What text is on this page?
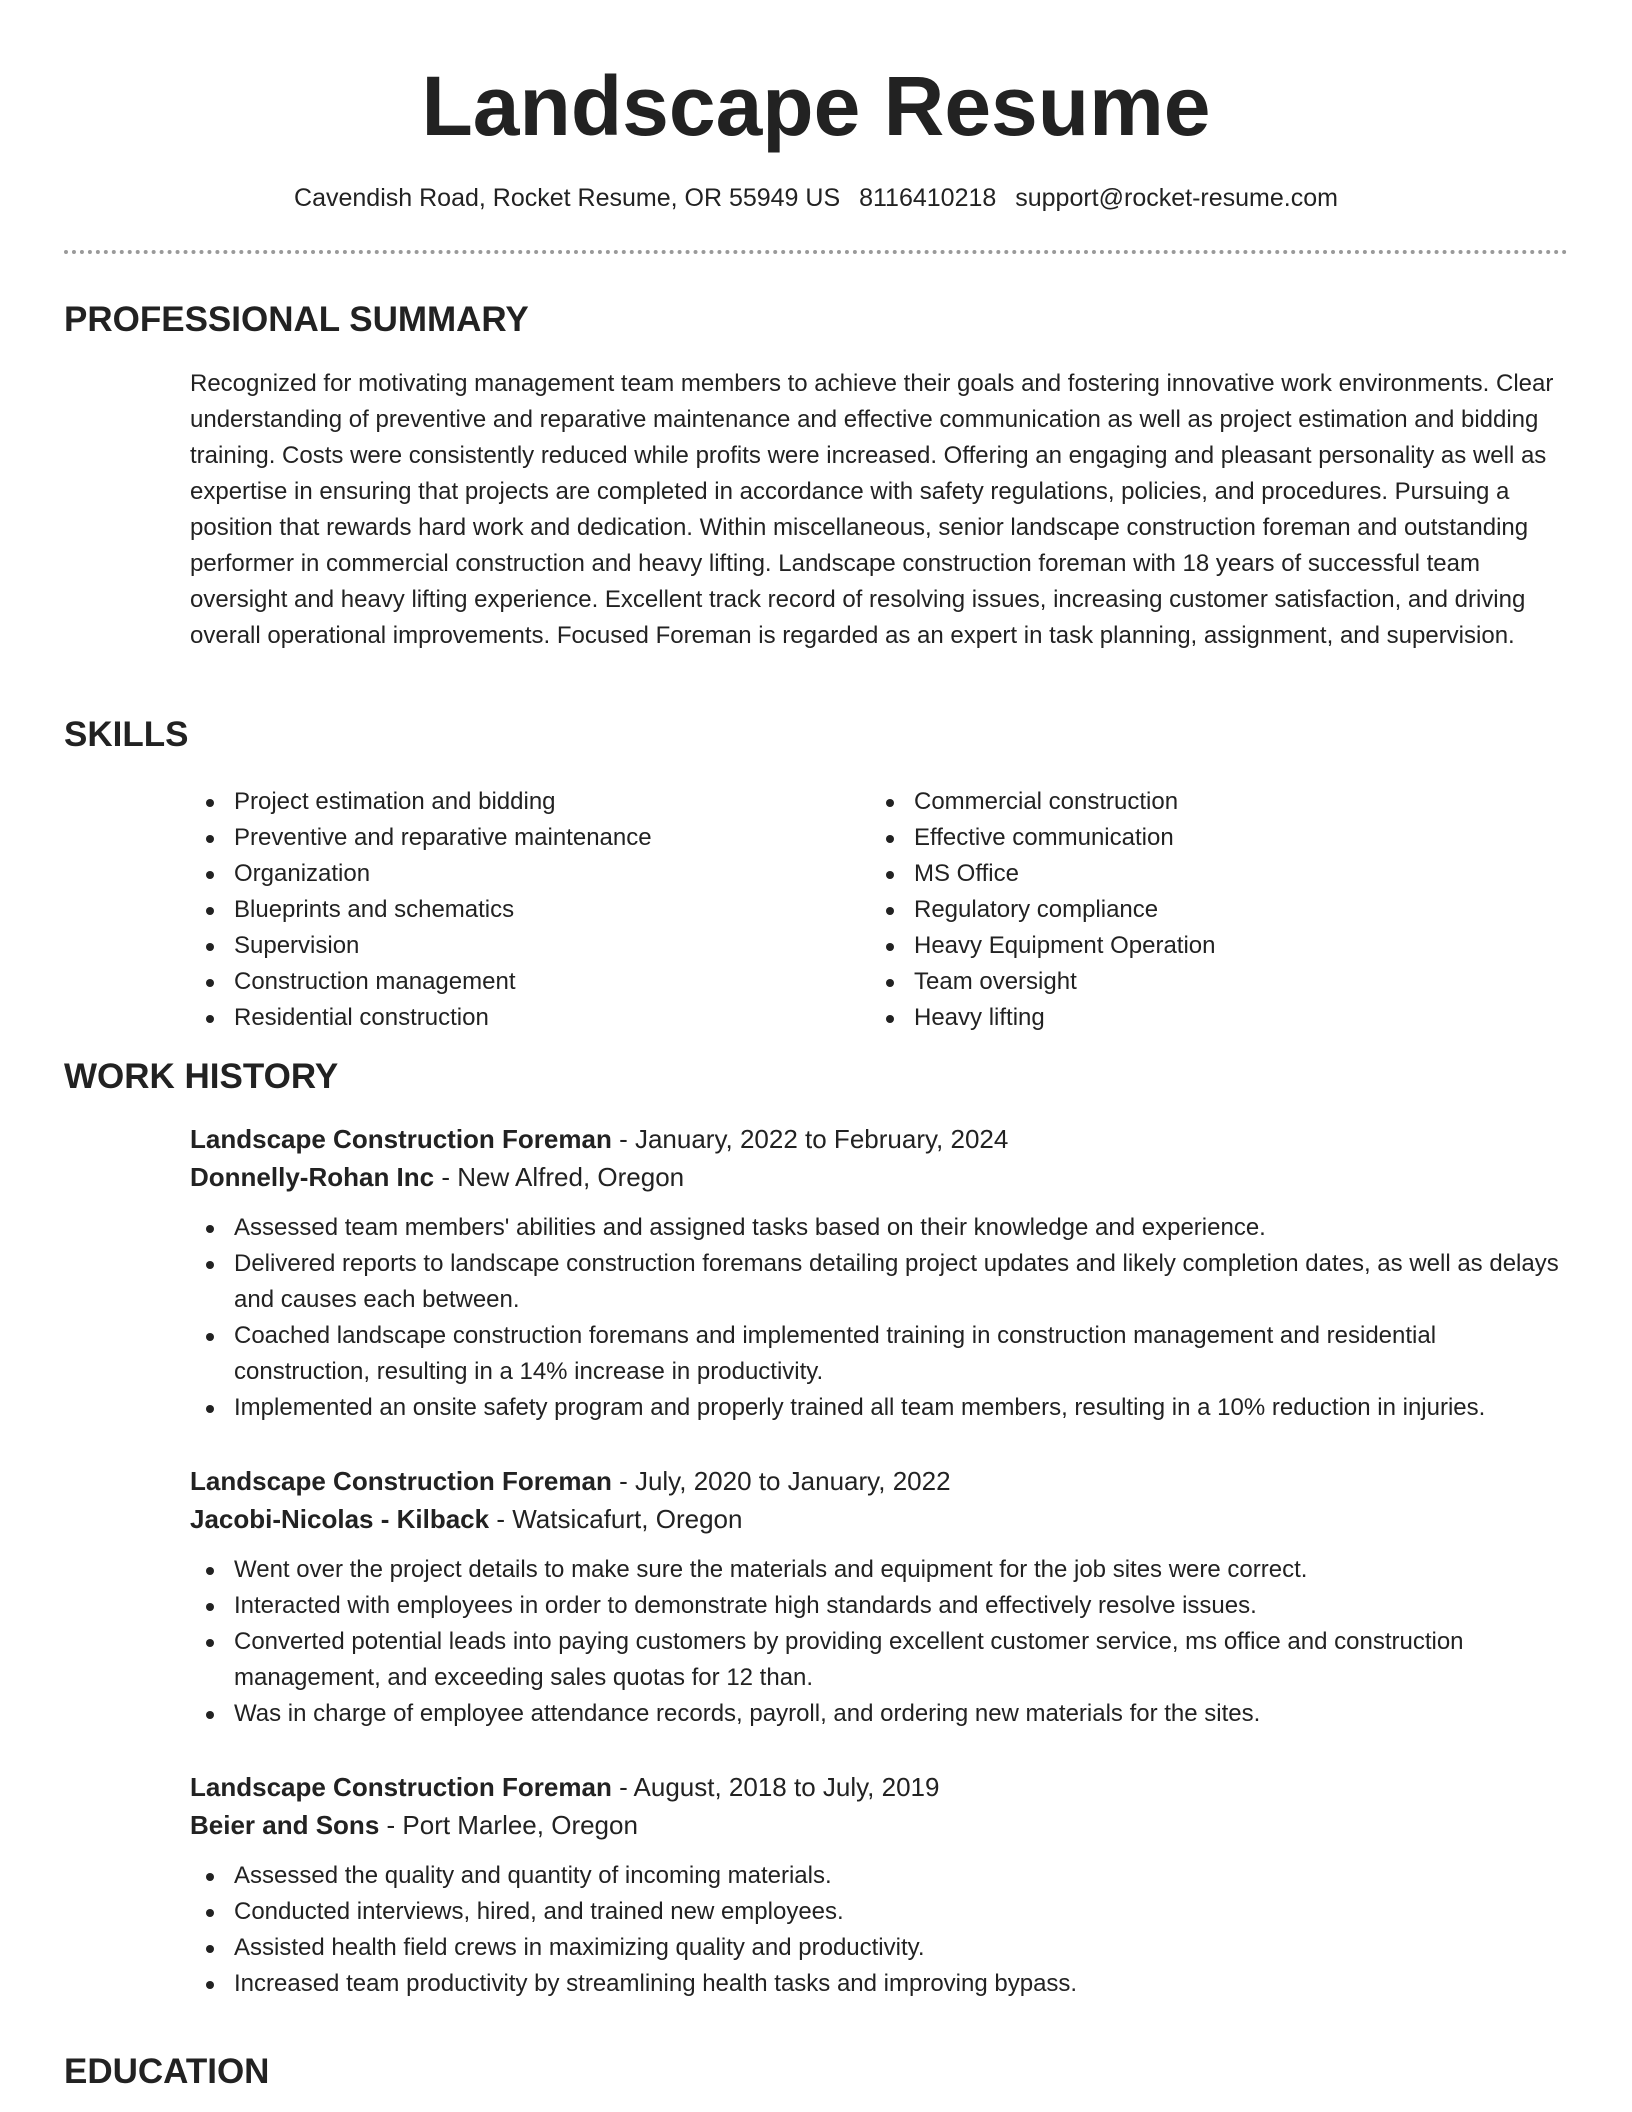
Landscape Resume
Cavendish Road, Rocket Resume, OR 55949 US 8116410218 support@rocket-resume.com
PROFESSIONAL SUMMARY
Recognized for motivating management team members to achieve their goals and fostering innovative work environments. Clear understanding of preventive and reparative maintenance and effective communication as well as project estimation and bidding training. Costs were consistently reduced while profits were increased. Offering an engaging and pleasant personality as well as expertise in ensuring that projects are completed in accordance with safety regulations, policies, and procedures. Pursuing a position that rewards hard work and dedication. Within miscellaneous, senior landscape construction foreman and outstanding performer in commercial construction and heavy lifting. Landscape construction foreman with 18 years of successful team oversight and heavy lifting experience. Excellent track record of resolving issues, increasing customer satisfaction, and driving overall operational improvements. Focused Foreman is regarded as an expert in task planning, assignment, and supervision.
SKILLS
Project estimation and bidding
Preventive and reparative maintenance
Organization
Blueprints and schematics
Supervision
Construction management
Residential construction
Commercial construction
Effective communication
MS Office
Regulatory compliance
Heavy Equipment Operation
Team oversight
Heavy lifting
WORK HISTORY
Landscape Construction Foreman - January, 2022 to February, 2024
Donnelly-Rohan Inc - New Alfred, Oregon
Assessed team members' abilities and assigned tasks based on their knowledge and experience.
Delivered reports to landscape construction foremans detailing project updates and likely completion dates, as well as delays and causes each between.
Coached landscape construction foremans and implemented training in construction management and residential construction, resulting in a 14% increase in productivity.
Implemented an onsite safety program and properly trained all team members, resulting in a 10% reduction in injuries.
Landscape Construction Foreman - July, 2020 to January, 2022
Jacobi-Nicolas - Kilback - Watsicafurt, Oregon
Went over the project details to make sure the materials and equipment for the job sites were correct.
Interacted with employees in order to demonstrate high standards and effectively resolve issues.
Converted potential leads into paying customers by providing excellent customer service, ms office and construction management, and exceeding sales quotas for 12 than.
Was in charge of employee attendance records, payroll, and ordering new materials for the sites.
Landscape Construction Foreman - August, 2018 to July, 2019
Beier and Sons - Port Marlee, Oregon
Assessed the quality and quantity of incoming materials.
Conducted interviews, hired, and trained new employees.
Assisted health field crews in maximizing quality and productivity.
Increased team productivity by streamlining health tasks and improving bypass.
EDUCATION
